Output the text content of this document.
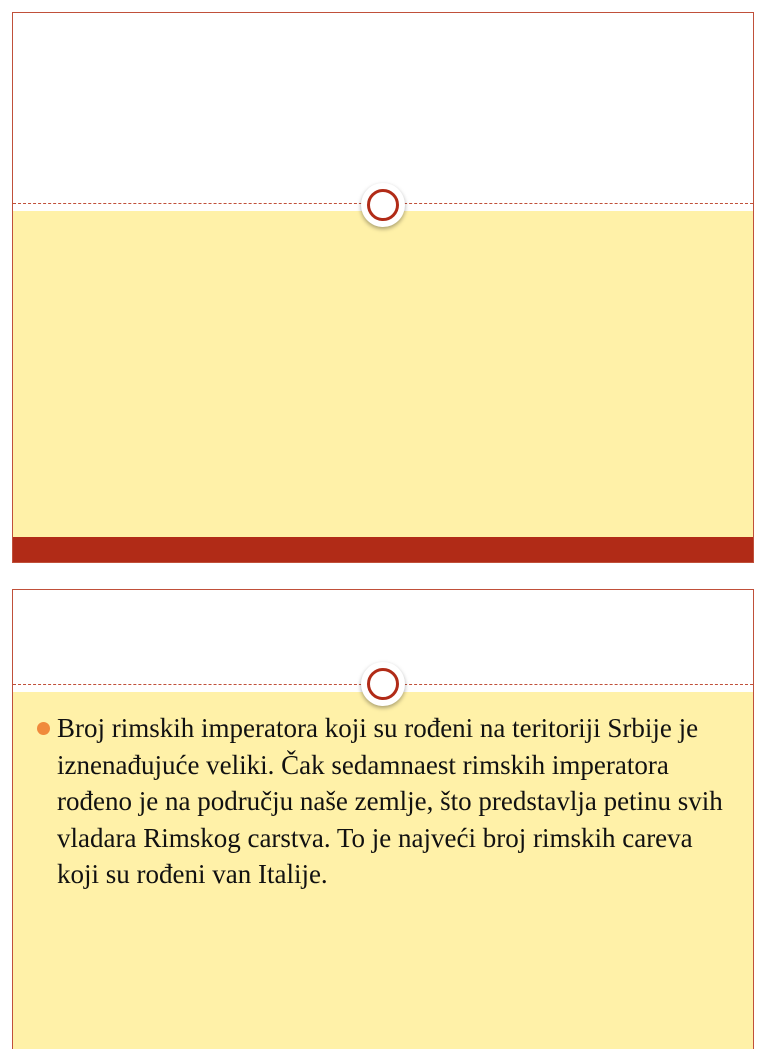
Broj rimskih imperatora koji su rođeni na teritoriji Srbije je iznenađujuće veliki. Čak sedamnaest rimskih imperatora rođeno je na području naše zemlje, što predstavlja petinu svih vladara Rimskog carstva. To je najveći broj rimskih careva koji su rođeni van Italije.
